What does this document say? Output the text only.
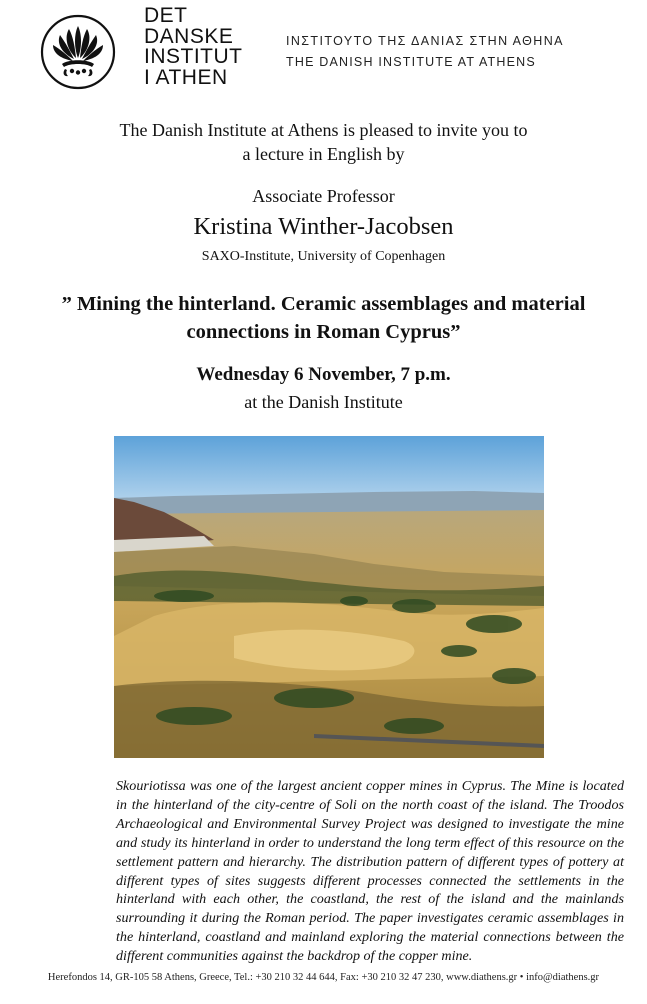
DET
DANSKE
INSTITUT
I ATHEN
ΙΝΣΤΙΤΟΥΤΟ ΤΗΣ ΔΑΝΙΑΣ ΣΤΗΝ ΑΘΗΝΑ
THE DANISH INSTITUTE AT ATHENS
The Danish Institute at Athens is pleased to invite you to
a lecture in English by
Associate Professor
Kristina Winther-Jacobsen
SAXO-Institute, University of Copenhagen
” Mining the hinterland. Ceramic assemblages and material
connections in Roman Cyprus”
Wednesday 6 November, 7 p.m.
at the Danish Institute
Skouriotissa was one of the largest ancient copper mines in Cyprus. The Mine is located in the hinterland of the city-centre of Soli on the north coast of the island. The Troodos Archaeological and Environmental Survey Project was designed to investigate the mine and study its hinterland in order to understand the long term effect of this resource on the settlement pattern and hierarchy. The distribution pattern of different types of pottery at different types of sites suggests different processes connected the settlements in the hinterland with each other, the coastland, the rest of the island and the mainlands surrounding it during the Roman period. The paper investigates ceramic assemblages in the hinterland, coastland and mainland exploring the material connections between the different communities against the backdrop of the copper mine.
Herefondos 14, GR-105 58 Athens, Greece, Tel.: +30 210 32 44 644, Fax: +30 210 32 47 230, www.diathens.gr • info@diathens.gr
